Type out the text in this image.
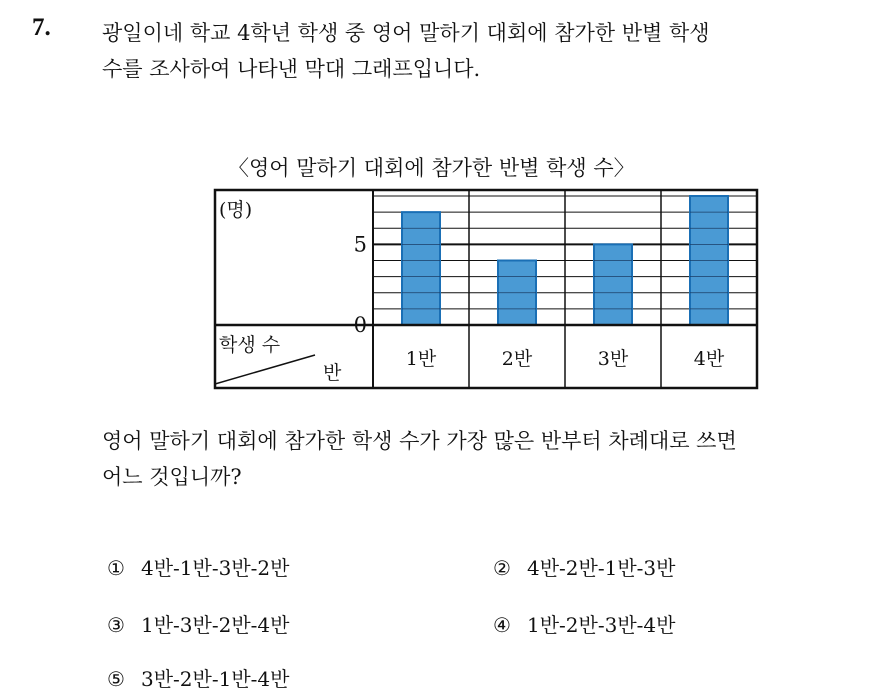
7. 광일이네 학교 4학년 학생 중 영어 말하기 대회에 참가한 반별 학생
수를 조사하여 나타낸 막대 그래프입니다.
〈영어 말하기 대회에 참가한 반별 학생 수〉
(명)
0
5
학생 수
반
1반	2반	3반	4반
영어 말하기 대회에 참가한 학생 수가 가장 많은 반부터 차례대로 쓰면
어느 것입니까?
① 4반-1반-3반-2반	② 4반-2반-1반-3반
③ 1반-3반-2반-4반	④ 1반-2반-3반-4반
⑤ 3반-2반-1반-4반
